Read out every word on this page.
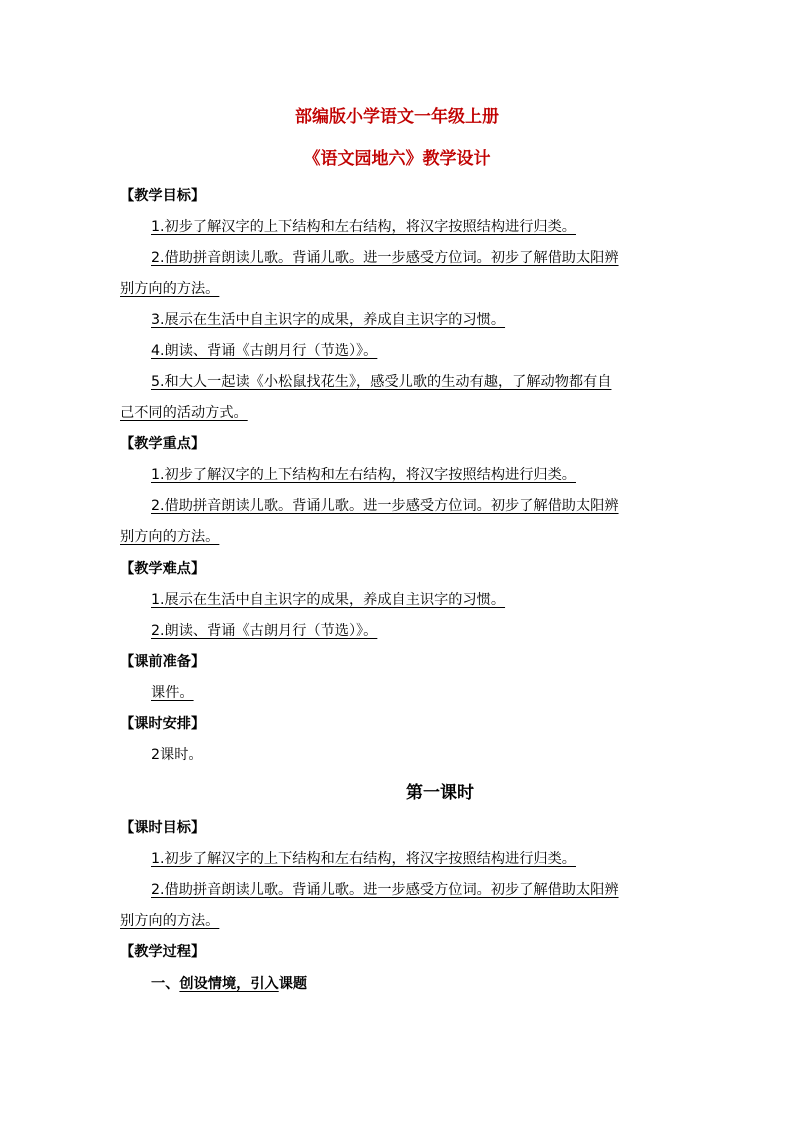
部编版小学语文一年级上册
《语文园地六》教学设计
【教学目标】
1.初步了解汉字的上下结构和左右结构，将汉字按照结构进行归类。
2.借助拼音朗读儿歌。背诵儿歌。进一步感受方位词。初步了解借助太阳辨
别方向的方法。
3.展示在生活中自主识字的成果，养成自主识字的习惯。
4.朗读、背诵《古朗月行（节选）》。
5.和大人一起读《小松鼠找花生》，感受儿歌的生动有趣，了解动物都有自
己不同的活动方式。
【教学重点】
1.初步了解汉字的上下结构和左右结构，将汉字按照结构进行归类。
2.借助拼音朗读儿歌。背诵儿歌。进一步感受方位词。初步了解借助太阳辨
别方向的方法。
【教学难点】
1.展示在生活中自主识字的成果，养成自主识字的习惯。
2.朗读、背诵《古朗月行（节选）》。
【课前准备】
课件。
【课时安排】
2课时。
第一课时
【课时目标】
1.初步了解汉字的上下结构和左右结构，将汉字按照结构进行归类。
2.借助拼音朗读儿歌。背诵儿歌。进一步感受方位词。初步了解借助太阳辨
别方向的方法。
【教学过程】
一、创设情境，引入课题
